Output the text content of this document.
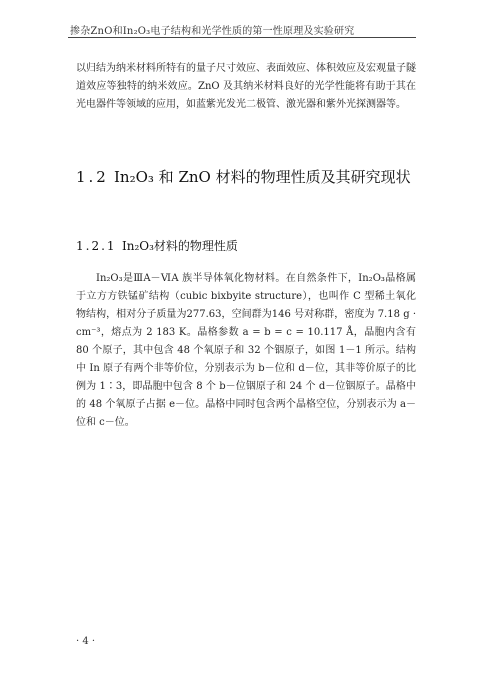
掺杂ZnO和In₂O₃电子结构和光学性质的第一性原理及实验研究

以归结为纳米材料所特有的量子尺寸效应、表面效应、体积效应及宏观量子隧道效应等独特的纳米效应。ZnO 及其纳米材料良好的光学性能将有助于其在光电器件等领域的应用，如蓝紫光发光二极管、激光器和紫外光探测器等。

1.2 In₂O₃ 和 ZnO 材料的物理性质及其研究现状
1.2.1 In₂O₃材料的物理性质

In₂O₃是ⅢA－ⅥA 族半导体氧化物材料。在自然条件下，In₂O₃晶格属于立方方铁锰矿结构（cubic bixbyite structure），也叫作 C 型稀土氧化物结构，相对分子质量为277.63，空间群为146 号对称群，密度为 7.18 g · cm⁻³，熔点为 2 183 K。晶格参数 a = b = c = 10.117 Å，晶胞内含有 80 个原子，其中包含 48 个氧原子和 32 个铟原子，如图 1－1 所示。结构中 In 原子有两个非等价位，分别表示为 b－位和 d－位，其非等价原子的比例为 1∶3，即晶胞中包含 8 个 b－位铟原子和 24 个 d－位铟原子。晶格中的 48 个氧原子占据 e－位。晶格中同时包含两个晶格空位，分别表示为 a－位和 c－位。

· 4 ·
